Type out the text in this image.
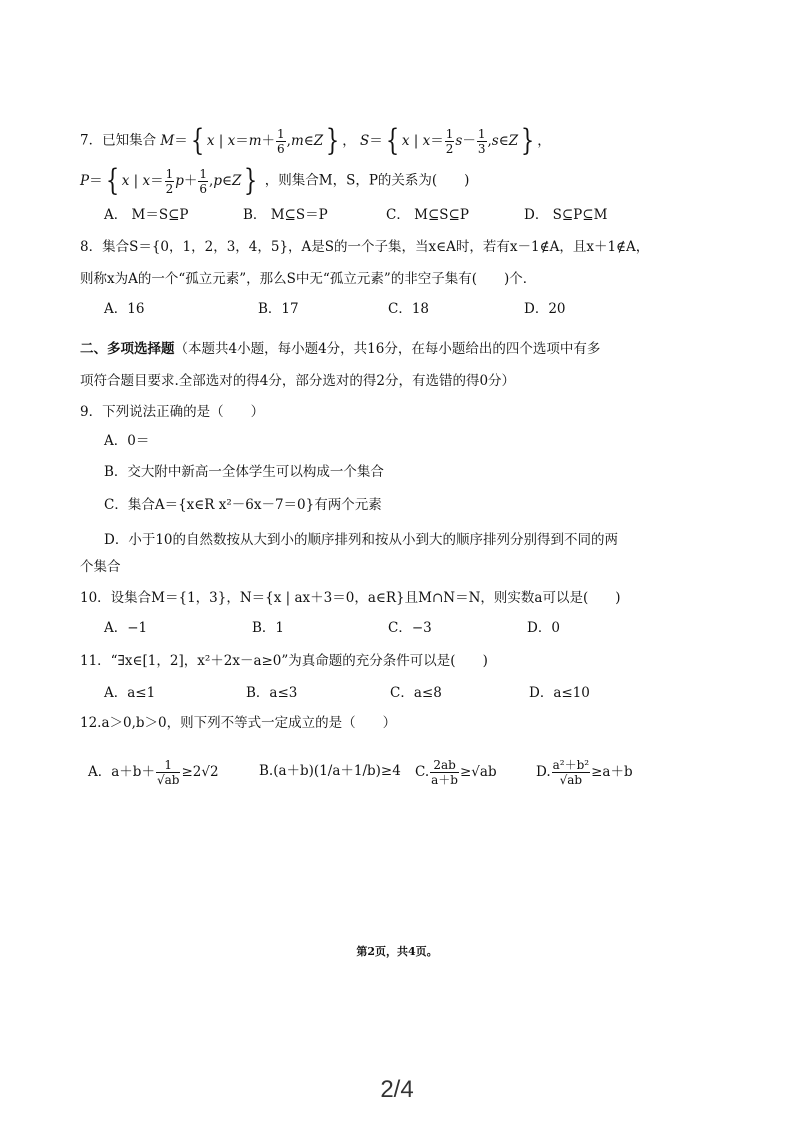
7．已知集合 M＝{ x | $x=m+ \frac{1}{6}$ ,m∈Z} ， S＝{ x | $x= \frac{1}{2} s- \frac{1}{3}$ ,s∈Z} ，
P＝{ x | $x= \frac{1}{2} p+ \frac{1}{6}$ ,p∈Z} ，则集合M，S，P的关系为(　　)
A． M＝S⊆P	B． M⊆S＝P	C． M⊆S⊆P	D． S⊆P⊆M
8．集合S＝{0，1，2，3，4，5}，A是S的一个子集，当x∈A时，若有x－1∉A，且x＋1∉A，
则称x为A的一个“孤立元素”，那么S中无“孤立元素”的非空子集有(　　)个．
A．16	B．17	C．18	D．20
二、多项选择题（本题共4小题，每小题4分，共16分，在每小题给出的四个选项中有多
项符合题目要求.全部选对的得4分，部分选对的得2分，有选错的得0分）
9．下列说法正确的是（　　）
A．0＝
B．交大附中新高一全体学生可以构成一个集合
C．集合A＝{x∈R x²－6x－7＝0}有两个元素
D．小于10的自然数按从大到小的顺序排列和按从小到大的顺序排列分别得到不同的两
个集合
10．设集合M＝{1，3}，N＝{x | ax＋3＝0，a∈R}且M∩N＝N，则实数a可以是(　　)
A．−1	B．1	C．−3	D．0
11．“∃x∈[1，2]，x²＋2x－a≥0”为真命题的充分条件可以是(　　)
A．a≤1	B．a≤3	C．a≤8	D．a≤10
12.a＞0,b＞0，则下列不等式一定成立的是（　　）
A．$a+b+ \frac{1}{√ab} \ge 2√2$	B.(a＋b)(1/a＋1/b)≥4 C. $\frac{2ab}{a+b} \ge√ab$	D. $\frac{\text{a²＋b²}}{√ab} \ge a+b$
第2页，共4页。
2/4
